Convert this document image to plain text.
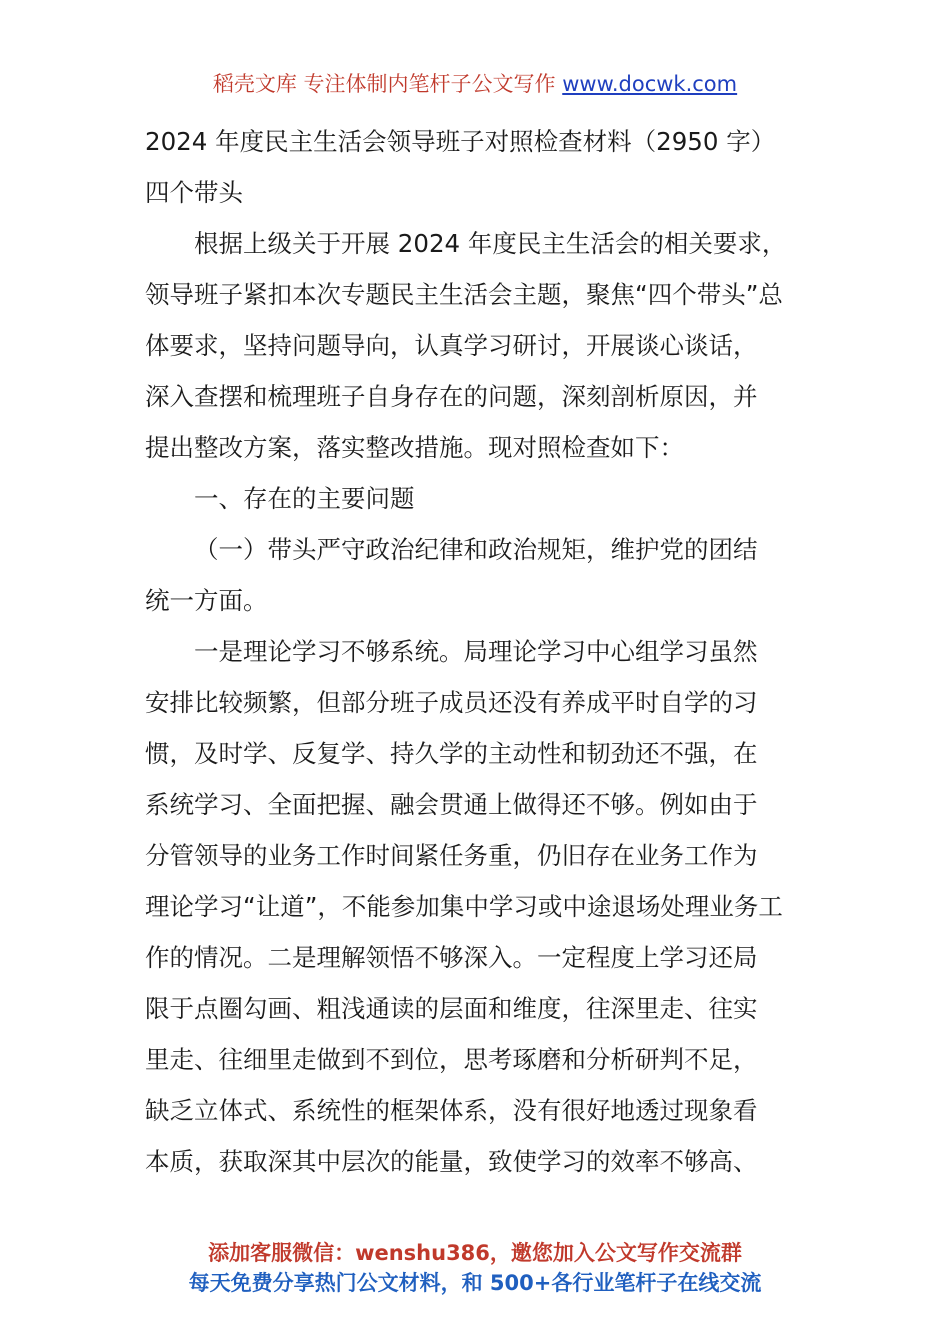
稻壳文库 专注体制内笔杆子公文写作 www.docwk.com
2024 年度民主生活会领导班子对照检查材料（2950 字）
四个带头
根据上级关于开展 2024 年度民主生活会的相关要求，
领导班子紧扣本次专题民主生活会主题，聚焦“四个带头”总
体要求，坚持问题导向，认真学习研讨，开展谈心谈话，
深入查摆和梳理班子自身存在的问题，深刻剖析原因，并
提出整改方案，落实整改措施。现对照检查如下：
一、存在的主要问题
（一）带头严守政治纪律和政治规矩，维护党的团结
统一方面。
一是理论学习不够系统。局理论学习中心组学习虽然
安排比较频繁，但部分班子成员还没有养成平时自学的习
惯，及时学、反复学、持久学的主动性和韧劲还不强，在
系统学习、全面把握、融会贯通上做得还不够。例如由于
分管领导的业务工作时间紧任务重，仍旧存在业务工作为
理论学习“让道”，不能参加集中学习或中途退场处理业务工
作的情况。二是理解领悟不够深入。一定程度上学习还局
限于点圈勾画、粗浅通读的层面和维度，往深里走、往实
里走、往细里走做到不到位，思考琢磨和分析研判不足，
缺乏立体式、系统性的框架体系，没有很好地透过现象看
本质，获取深其中层次的能量，致使学习的效率不够高、
添加客服微信：wenshu386，邀您加入公文写作交流群
每天免费分享热门公文材料，和 500+各行业笔杆子在线交流
